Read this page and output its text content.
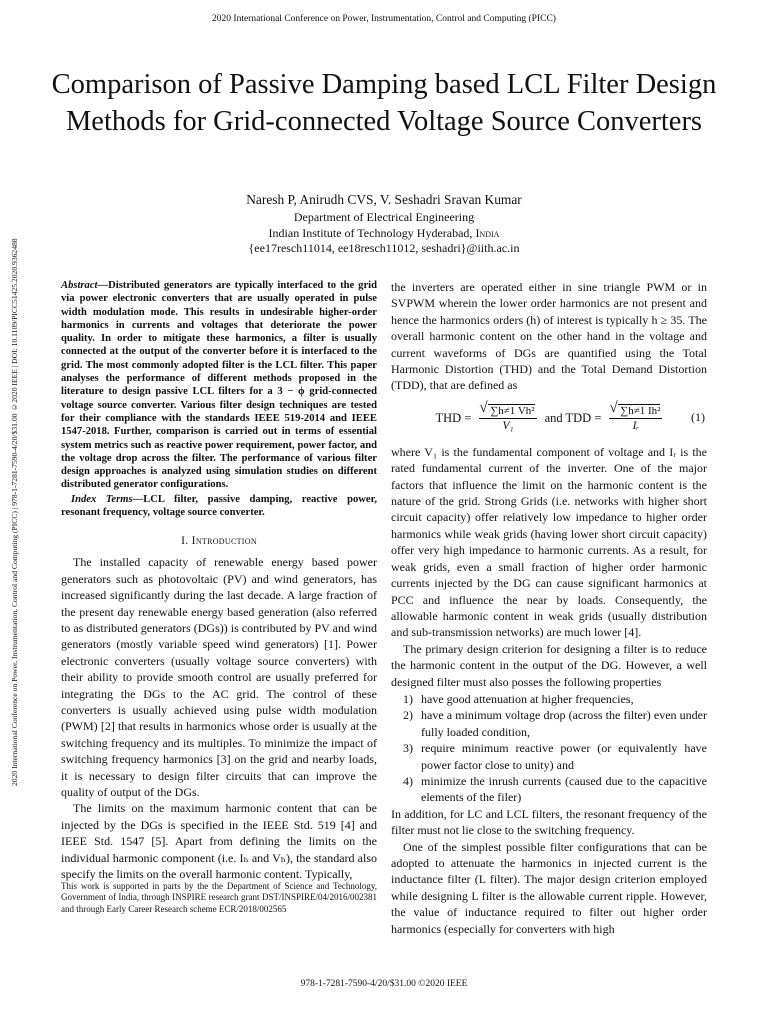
2020 International Conference on Power, Instrumentation, Control and Computing (PICC)
2020 International Conference on Power, Instrumentation, Control and Computing (PICC) | 978-1-7281-7590-4/20/$31.00 ©2020 IEEE | DOI: 10.1109/PICC51425.2020.9362488
Comparison of Passive Damping based LCL Filter Design Methods for Grid-connected Voltage Source Converters
Naresh P, Anirudh CVS, V. Seshadri Sravan Kumar
Department of Electrical Engineering
Indian Institute of Technology Hyderabad, India
{ee17resch11014, ee18resch11012, seshadri}@iith.ac.in

Abstract—Distributed generators are typically interfaced to the grid via power electronic converters that are usually operated in pulse width modulation mode. This results in undesirable higher-order harmonics in currents and voltages that deteriorate the power quality. In order to mitigate these harmonics, a filter is usually connected at the output of the converter before it is interfaced to the grid. The most commonly adopted filter is the LCL filter. This paper analyses the performance of different methods proposed in the literature to design passive LCL filters for a 3 − ϕ grid-connected voltage source converter. Various filter design techniques are tested for their compliance with the standards IEEE 519-2014 and IEEE 1547-2018. Further, comparison is carried out in terms of essential system metrics such as reactive power requirement, power factor, and the voltage drop across the filter. The performance of various filter design approaches is analyzed using simulation studies on different distributed generator configurations.

Index Terms—LCL filter, passive damping, reactive power, resonant frequency, voltage source converter.

I. Introduction

The installed capacity of renewable energy based power generators such as photovoltaic (PV) and wind generators, has increased significantly during the last decade. A large fraction of the present day renewable energy based generation (also referred to as distributed generators (DGs)) is contributed by PV and wind generators (mostly variable speed wind generators) [1]. Power electronic converters (usually voltage source converters) with their ability to provide smooth control are usually preferred for integrating the DGs to the AC grid. The control of these converters is usually achieved using pulse width modulation (PWM) [2] that results in harmonics whose order is usually at the switching frequency and its multiples. To minimize the impact of switching frequency harmonics [3] on the grid and nearby loads, it is necessary to design filter circuits that can improve the quality of output of the DGs.

The limits on the maximum harmonic content that can be injected by the DGs is specified in the IEEE Std. 519 [4] and IEEE Std. 1547 [5]. Apart from defining the limits on the individual harmonic component (i.e. Iₕ and Vₕ), the standard also specify the limits on the overall harmonic content. Typically,

This work is supported in parts by the the Department of Science and Technology, Government of India, through INSPIRE research grant DST/INSPIRE/04/2016/002381 and through Early Career Research scheme ECR/2018/002565

the inverters are operated either in sine triangle PWM or in SVPWM wherein the lower order harmonics are not present and hence the harmonics orders (h) of interest is typically h ≥ 35. The overall harmonic content on the other hand in the voltage and current waveforms of DGs are quantified using the Total Harmonic Distortion (THD) and the Total Demand Distortion (TDD), that are defined as

THD = √ $\frac{\text{∑h≠1 Vh²}}{\text{V₁}}$ and TDD = √ $\frac{\text{∑h≠1 Ih²}}{\text{Iᵣ}} (1)$

where V₁ is the fundamental component of voltage and Iᵣ is the rated fundamental current of the inverter. One of the major factors that influence the limit on the harmonic content is the nature of the grid. Strong Grids (i.e. networks with higher short circuit capacity) offer relatively low impedance to higher order harmonics while weak grids (having lower short circuit capacity) offer very high impedance to harmonic currents. As a result, for weak grids, even a small fraction of higher order harmonic currents injected by the DG can cause significant harmonics at PCC and influence the near by loads. Consequently, the allowable harmonic content in weak grids (usually distribution and sub-transmission networks) are much lower [4].

The primary design criterion for designing a filter is to reduce the harmonic content in the output of the DG. However, a well designed filter must also posses the following properties

1) have good attenuation at higher frequencies,
2) have a minimum voltage drop (across the filter) even under fully loaded condition,
3) require minimum reactive power (or equivalently have power factor close to unity) and
4) minimize the inrush currents (caused due to the capacitive elements of the filer)

In addition, for LC and LCL filters, the resonant frequency of the filter must not lie close to the switching frequency.

One of the simplest possible filter configurations that can be adopted to attenuate the harmonics in injected current is the inductance filter (L filter). The major design criterion employed while designing L filter is the allowable current ripple. However, the value of inductance required to filter out higher order harmonics (especially for converters with high

978-1-7281-7590-4/20/$31.00 ©2020 IEEE
